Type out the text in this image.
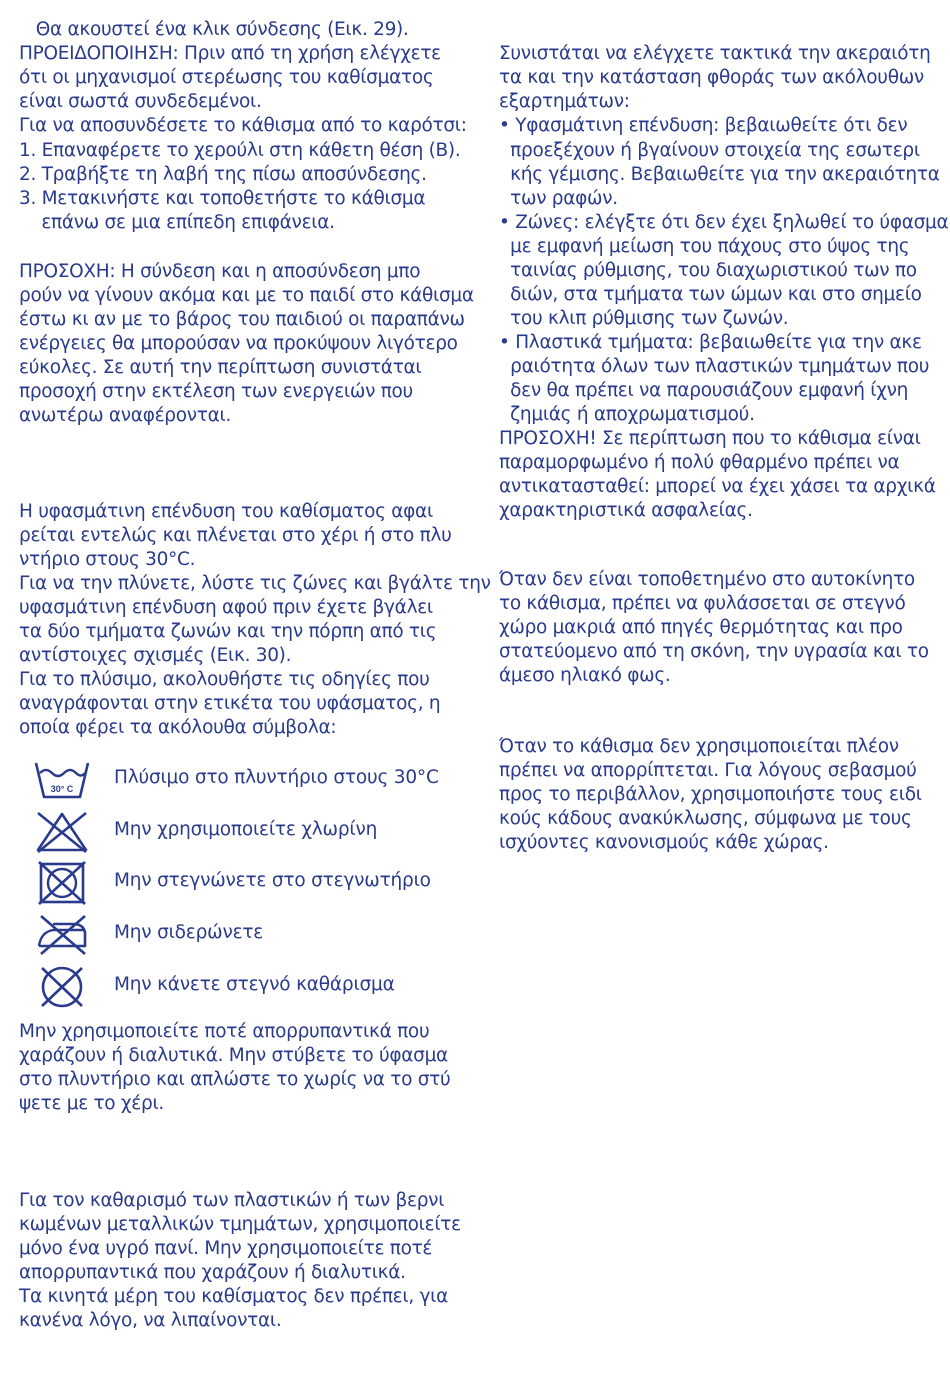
Θα ακουστεί ένα κλικ σύνδεσης (Εικ. 29).
ΠΡΟΕΙΔΟΠΟΙΗΣΗ: Πριν από τη χρήση ελέγχετε
ότι οι μηχανισμοί στερέωσης του καθίσματος
είναι σωστά συνδεδεμένοι.
Για να αποσυνδέσετε το κάθισμα από το καρότσι:
1. Επαναφέρετε το χερούλι στη κάθετη θέση (B).
2. Τραβήξτε τη λαβή της πίσω αποσύνδεσης.
3. Μετακινήστε και τοποθετήστε το κάθισμα
επάνω σε μια επίπεδη επιφάνεια.
ΠΡΟΣΟΧΗ: Η σύνδεση και η αποσύνδεση μπο
ρούν να γίνουν ακόμα και με το παιδί στο κάθισμα
έστω κι αν με το βάρος του παιδιού οι παραπάνω
ενέργειες θα μπορούσαν να προκύψουν λιγότερο
εύκολες. Σε αυτή την περίπτωση συνιστάται
προσοχή στην εκτέλεση των ενεργειών που
ανωτέρω αναφέρονται.
Η υφασμάτινη επένδυση του καθίσματος αφαι
ρείται εντελώς και πλένεται στο χέρι ή στο πλυ
ντήριο στους 30°C.
Για να την πλύνετε, λύστε τις ζώνες και βγάλτε την
υφασμάτινη επένδυση αφού πριν έχετε βγάλει
τα δύο τμήματα ζωνών και την πόρπη από τις
αντίστοιχες σχισμές (Εικ. 30).
Για το πλύσιμο, ακολουθήστε τις οδηγίες που
αναγράφονται στην ετικέτα του υφάσματος, η
οποία φέρει τα ακόλουθα σύμβολα:
30° C
Πλύσιμο στο πλυντήριο στους 30°C
Μην χρησιμοποιείτε χλωρίνη
Μην στεγνώνετε στο στεγνωτήριο
Μην σιδερώνετε
Μην κάνετε στεγνό καθάρισμα
Μην χρησιμοποιείτε ποτέ απορρυπαντικά που
χαράζουν ή διαλυτικά. Μην στύβετε το ύφασμα
στο πλυντήριο και απλώστε το χωρίς να το στύ
ψετε με το χέρι.
Για τον καθαρισμό των πλαστικών ή των βερνι
κωμένων μεταλλικών τμημάτων, χρησιμοποιείτε
μόνο ένα υγρό πανί. Μην χρησιμοποιείτε ποτέ
απορρυπαντικά που χαράζουν ή διαλυτικά.
Τα κινητά μέρη του καθίσματος δεν πρέπει, για
κανένα λόγο, να λιπαίνονται.
Συνιστάται να ελέγχετε τακτικά την ακεραιότη
τα και την κατάσταση φθοράς των ακόλουθων
εξαρτημάτων:
• Υφασμάτινη επένδυση: βεβαιωθείτε ότι δεν
προεξέχουν ή βγαίνουν στοιχεία της εσωτερι
κής γέμισης. Βεβαιωθείτε για την ακεραιότητα
των ραφών.
• Ζώνες: ελέγξτε ότι δεν έχει ξηλωθεί το ύφασμα
με εμφανή μείωση του πάχους στο ύψος της
ταινίας ρύθμισης, του διαχωριστικού των πο
διών, στα τμήματα των ώμων και στο σημείο
του κλιπ ρύθμισης των ζωνών.
• Πλαστικά τμήματα: βεβαιωθείτε για την ακε
ραιότητα όλων των πλαστικών τμημάτων που
δεν θα πρέπει να παρουσιάζουν εμφανή ίχνη
ζημιάς ή αποχρωματισμού.
ΠΡΟΣΟΧΗ! Σε περίπτωση που το κάθισμα είναι
παραμορφωμένο ή πολύ φθαρμένο πρέπει να
αντικατασταθεί: μπορεί να έχει χάσει τα αρχικά
χαρακτηριστικά ασφαλείας.
Όταν δεν είναι τοποθετημένο στο αυτοκίνητο
το κάθισμα, πρέπει να φυλάσσεται σε στεγνό
χώρο μακριά από πηγές θερμότητας και προ
στατεύομενο από τη σκόνη, την υγρασία και το
άμεσο ηλιακό φως.
Όταν το κάθισμα δεν χρησιμοποιείται πλέον
πρέπει να απορρίπτεται. Για λόγους σεβασμού
προς το περιβάλλον, χρησιμοποιήστε τους ειδι
κούς κάδους ανακύκλωσης, σύμφωνα με τους
ισχύοντες κανονισμούς κάθε χώρας.
